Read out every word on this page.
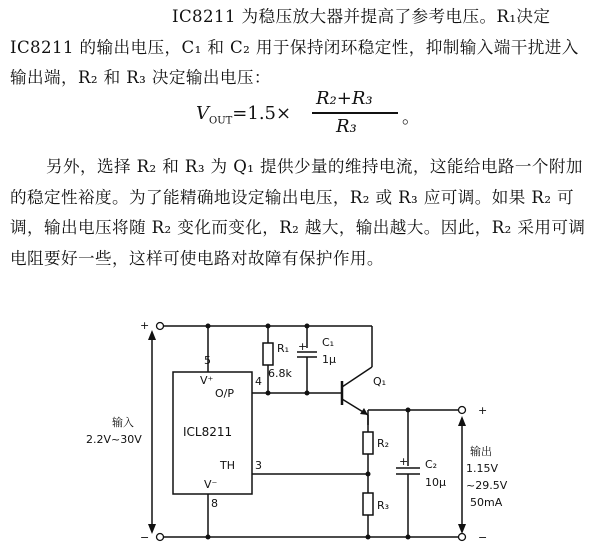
IC8211 为稳压放大器并提高了参考电压。R₁决定 IC8211 的输出电压，C₁ 和 C₂ 用于保持闭环稳定性，抑制输入端干扰进入输出端，R₂ 和 R₃ 决定输出电压：

$V_{OUT}=1.5\times$
R₂+R₃
R₃	。

另外，选择 R₂ 和 R₃ 为 Q₁ 提供少量的维持电流，这能给电路一个附加的稳定性裕度。为了能精确地设定输出电压，R₂ 或 R₃ 应可调。如果 R₂ 可调，输出电压将随 R₂ 变化而变化，R₂ 越大，输出越大。因此，R₂ 采用可调电阻要好一些，这样可使电路对故障有保护作用。

5
4
3
8
V⁺
O/P
TH
V⁻
ICL8211
R₁
6.8k
C₁
1μ
+
Q₁
R₂
R₃
C₂
10μ
+
+
−
+
−
输入
2.2V~30V
输出
1.15V
~29.5V
50mA
